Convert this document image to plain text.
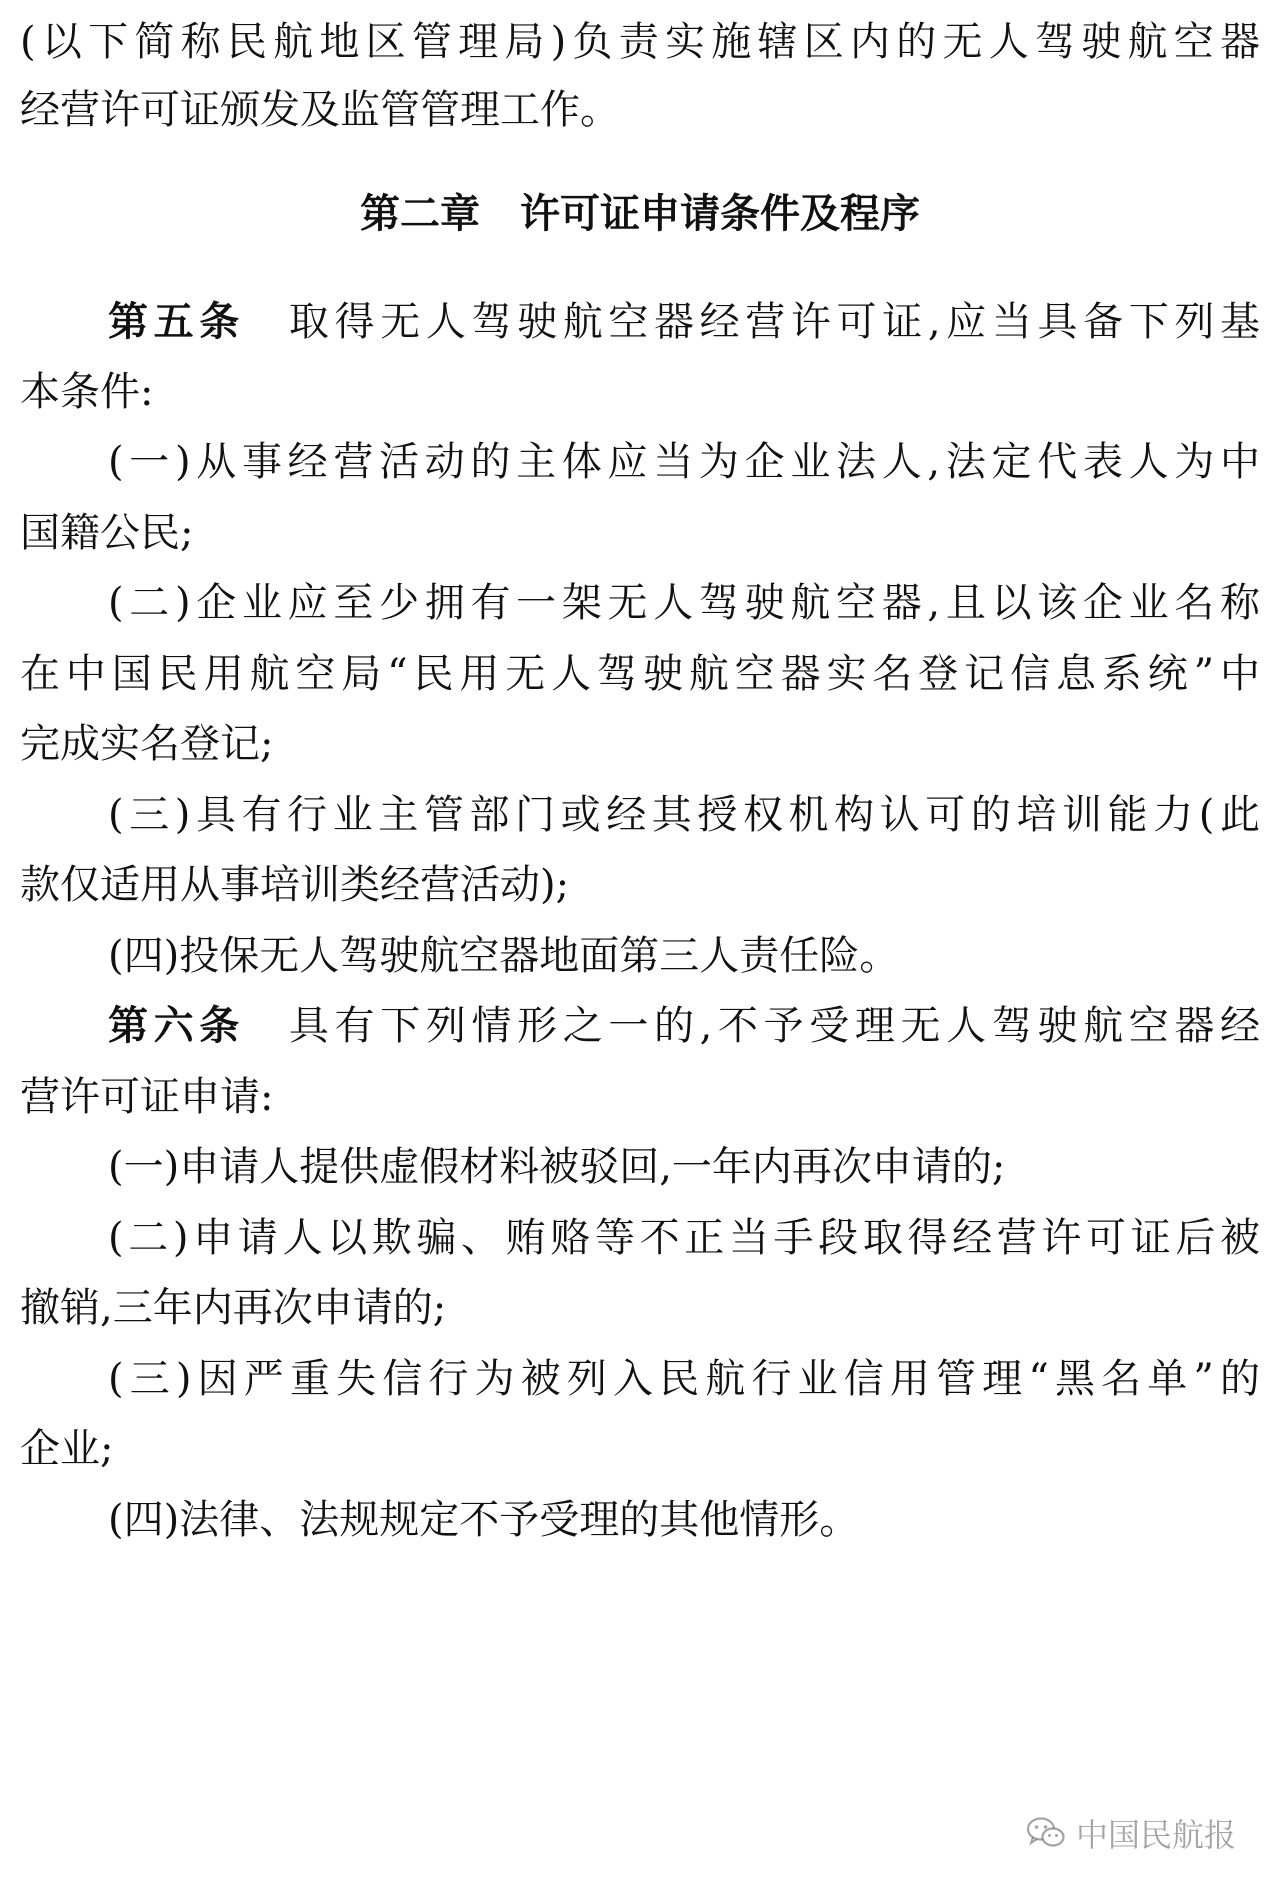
(以下简称民航地区管理局)负责实施辖区内的无人驾驶航空器
经营许可证颁发及监管管理工作。
第二章　许可证申请条件及程序
第五条 取得无人驾驶航空器经营许可证,应当具备下列基
本条件:
(一)从事经营活动的主体应当为企业法人,法定代表人为中
国籍公民;
(二)企业应至少拥有一架无人驾驶航空器,且以该企业名称
在中国民用航空局“民用无人驾驶航空器实名登记信息系统”中
完成实名登记;
(三)具有行业主管部门或经其授权机构认可的培训能力(此
款仅适用从事培训类经营活动);
(四)投保无人驾驶航空器地面第三人责任险。
第六条 具有下列情形之一的,不予受理无人驾驶航空器经
营许可证申请:
(一)申请人提供虚假材料被驳回,一年内再次申请的;
(二)申请人以欺骗、贿赂等不正当手段取得经营许可证后被
撤销,三年内再次申请的;
(三)因严重失信行为被列入民航行业信用管理“黑名单”的
企业;
(四)法律、法规规定不予受理的其他情形。
中国民航报
